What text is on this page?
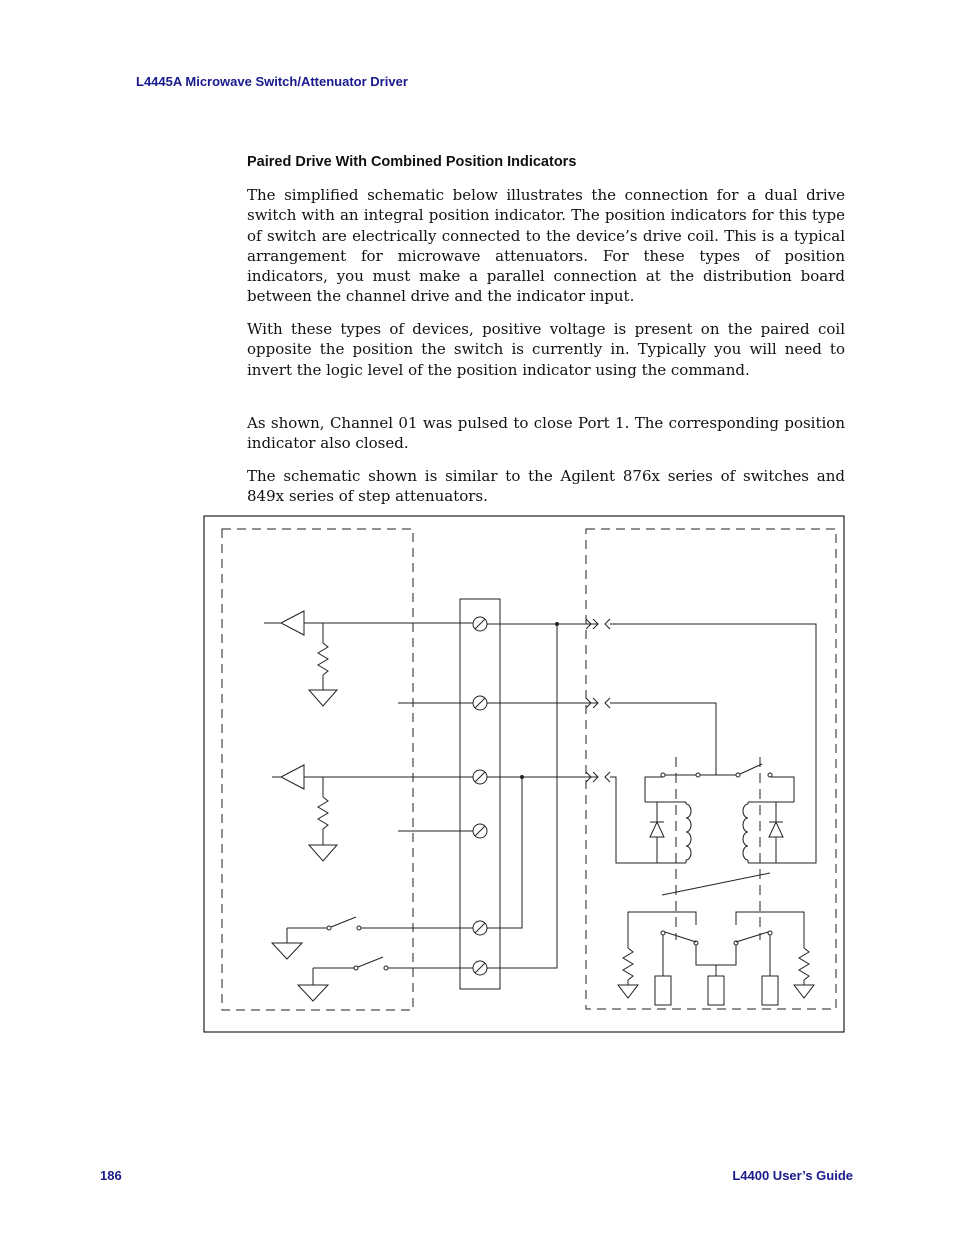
L4445A Microwave Switch/Attenuator Driver
Paired Drive With Combined Position Indicators

The simplified schematic below illustrates the connection for a dual drive switch with an integral position indicator. The position indicators for this type of switch are electrically connected to the device’s drive coil. This is a typical arrangement for microwave attenuators. For these types of position indicators, you must make a parallel connection at the distribution board between the channel drive and the indicator input.

With these types of devices, positive voltage is present on the paired coil opposite the position the switch is currently in. Typically you will need to invert the logic level of the position indicator using the command.

As shown, Channel 01 was pulsed to close Port 1. The corresponding position indicator also closed.

The schematic shown is similar to the Agilent 876x series of switches and 849x series of step attenuators.

186	L4400 User’s Guide
